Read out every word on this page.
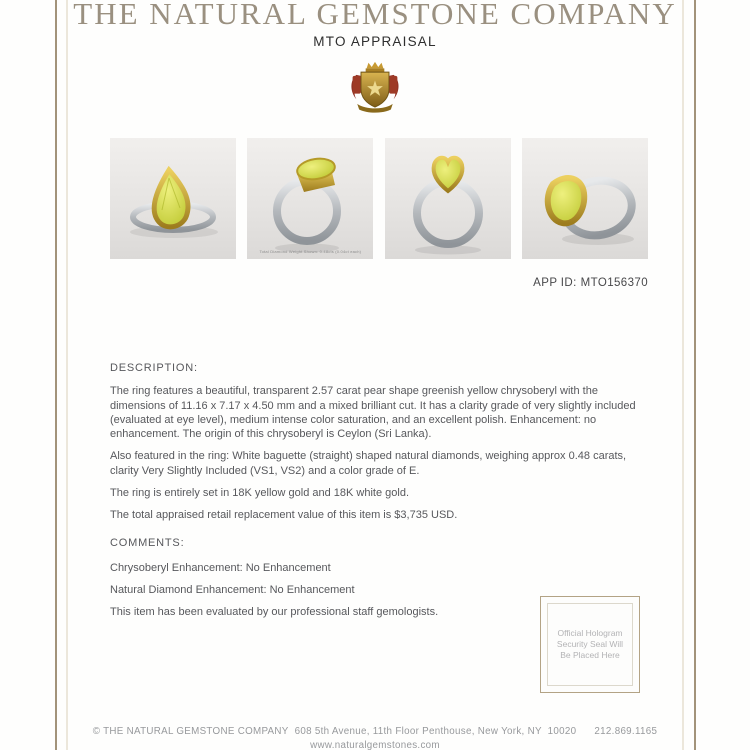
THE NATURAL GEMSTONE COMPANY
MTO APPRAISAL
Total Diamond Weight Shown: 0.48cts (0.04ct each)
APP ID: MTO156370
DESCRIPTION:

The ring features a beautiful, transparent 2.57 carat pear shape greenish yellow chrysoberyl with the dimensions of 11.16 x 7.17 x 4.50 mm and a mixed brilliant cut. It has a clarity grade of very slightly included (evaluated at eye level), medium intense color saturation, and an excellent polish. Enhancement: no enhancement. The origin of this chrysoberyl is Ceylon (Sri Lanka).

Also featured in the ring: White baguette (straight) shaped natural diamonds, weighing approx 0.48 carats, clarity Very Slightly Included (VS1, VS2) and a color grade of E.

The ring is entirely set in 18K yellow gold and 18K white gold.

The total appraised retail replacement value of this item is $3,735 USD.

COMMENTS:

Chrysoberyl Enhancement: No Enhancement

Natural Diamond Enhancement: No Enhancement

This item has been evaluated by our professional staff gemologists.

Official Hologram
Security Seal Will
Be Placed Here
© THE NATURAL GEMSTONE COMPANY 608 5th Avenue, 11th Floor Penthouse, New York, NY  10020 212.869.1165
www.naturalgemstones.com
